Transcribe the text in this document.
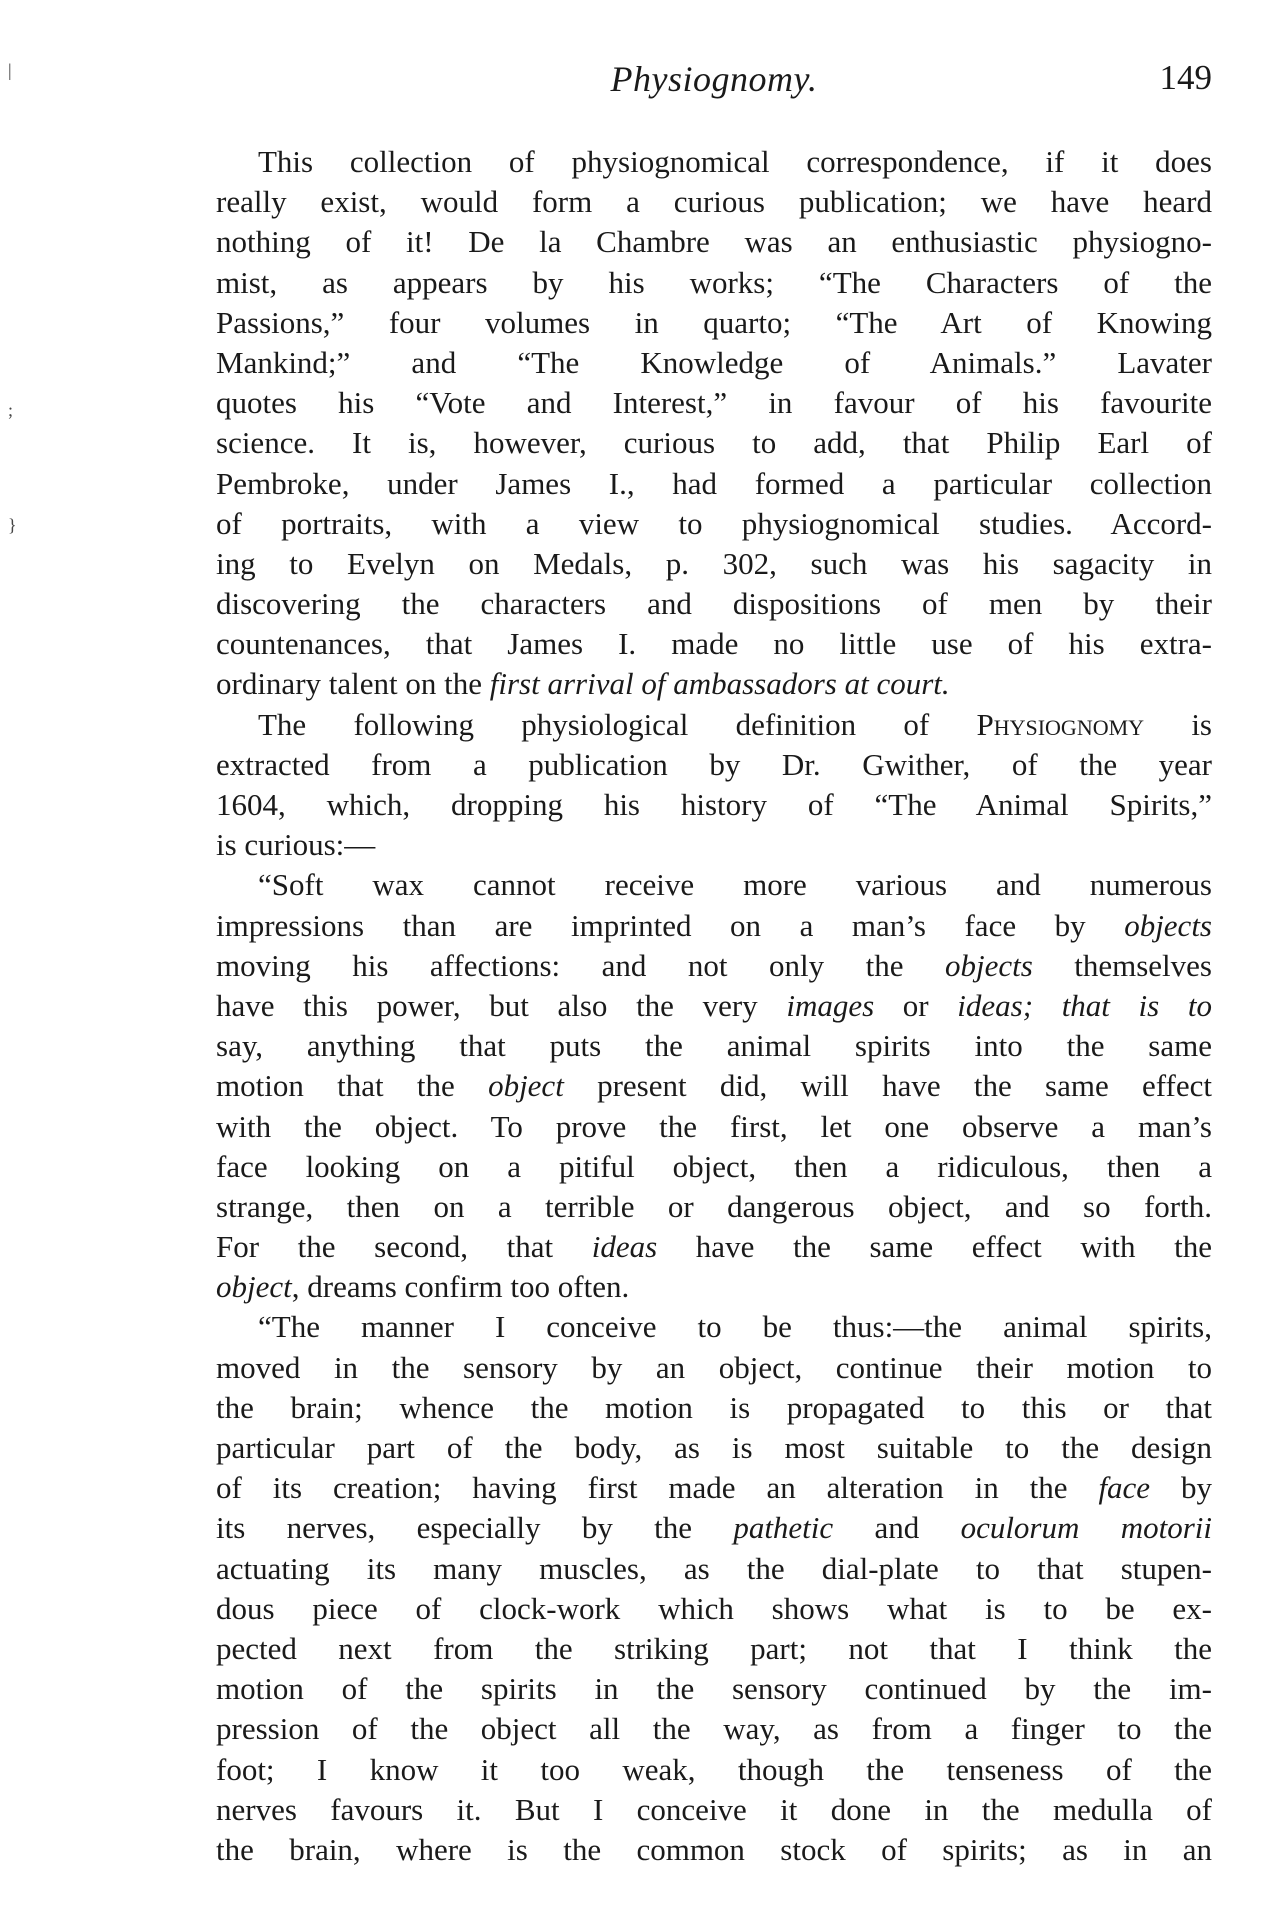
|
;
}
Physiognomy.	149
This collection of physiognomical correspondence, if it does
really exist, would form a curious publication; we have heard
nothing of it! De la Chambre was an enthusiastic physiogno-
mist, as appears by his works; “The Characters of the
Passions,” four volumes in quarto; “The Art of Knowing
Mankind;” and “The Knowledge of Animals.” Lavater
quotes his “Vote and Interest,” in favour of his favourite
science. It is, however, curious to add, that Philip Earl of
Pembroke, under James I., had formed a particular collection
of portraits, with a view to physiognomical studies. Accord-
ing to Evelyn on Medals, p. 302, such was his sagacity in
discovering the characters and dispositions of men by their
countenances, that James I. made no little use of his extra-
ordinary talent on the first arrival of ambassadors at court.
The following physiological definition of Physiognomy is
extracted from a publication by Dr. Gwither, of the year
1604, which, dropping his history of “The Animal Spirits,”
is curious:—
“Soft wax cannot receive more various and numerous
impressions than are imprinted on a man’s face by objects
moving his affections: and not only the objects themselves
have this power, but also the very images or ideas; that is to
say, anything that puts the animal spirits into the same
motion that the object present did, will have the same effect
with the object. To prove the first, let one observe a man’s
face looking on a pitiful object, then a ridiculous, then a
strange, then on a terrible or dangerous object, and so forth.
For the second, that ideas have the same effect with the
object, dreams confirm too often.
“The manner I conceive to be thus:—the animal spirits,
moved in the sensory by an object, continue their motion to
the brain; whence the motion is propagated to this or that
particular part of the body, as is most suitable to the design
of its creation; having first made an alteration in the face by
its nerves, especially by the pathetic and oculorum motorii
actuating its many muscles, as the dial-plate to that stupen-
dous piece of clock-work which shows what is to be ex-
pected next from the striking part; not that I think the
motion of the spirits in the sensory continued by the im-
pression of the object all the way, as from a finger to the
foot; I know it too weak, though the tenseness of the
nerves favours it. But I conceive it done in the medulla of
the brain, where is the common stock of spirits; as in an
